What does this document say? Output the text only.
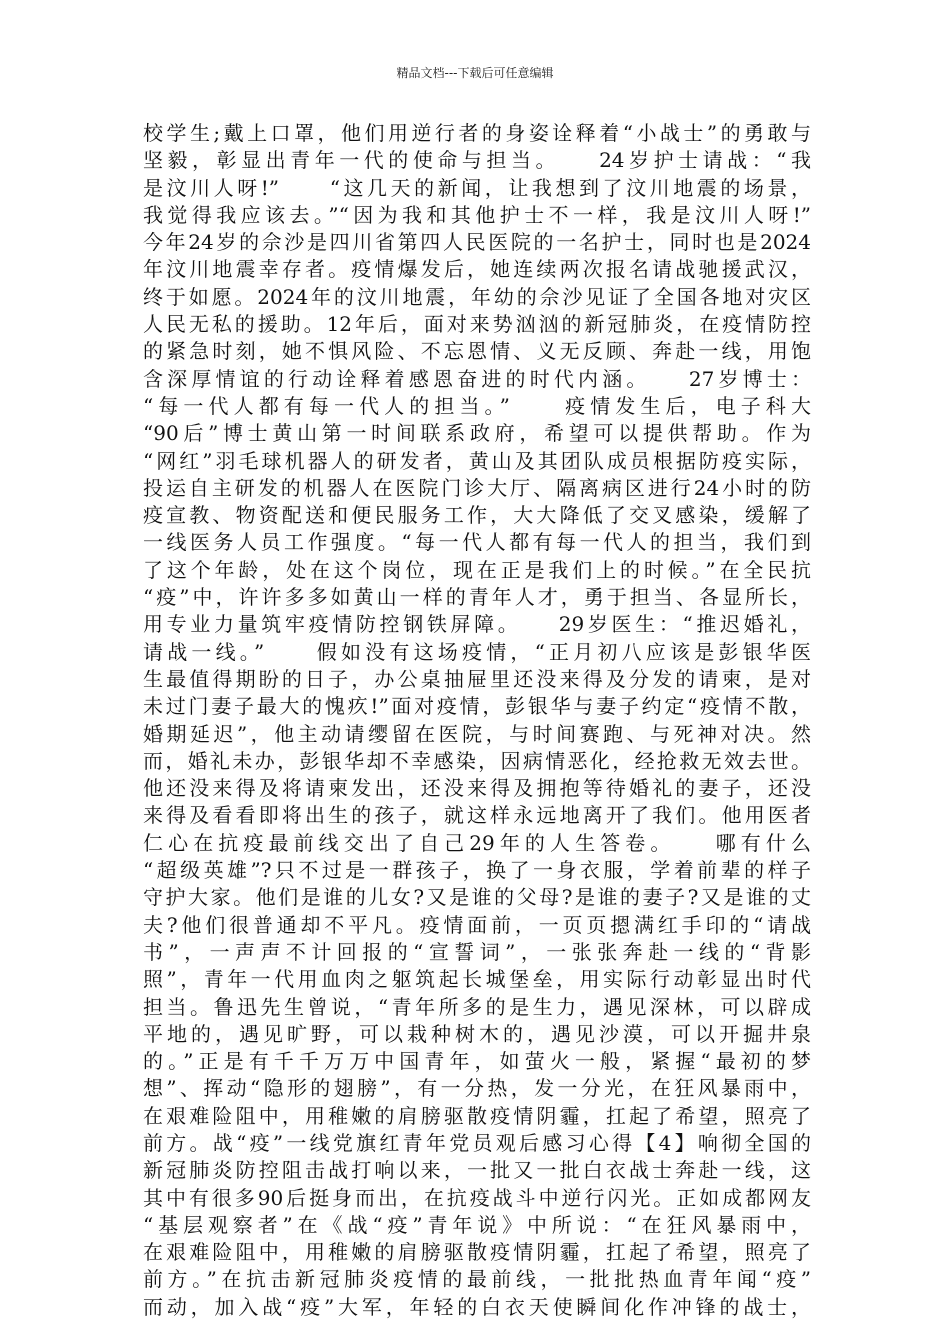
精品文档---下载后可任意编辑
校学生;戴上口罩，他们用逆行者的身姿诠释着“小战士”的勇敢与
坚毅，彰显出青年一代的使命与担当。　　24岁护士请战：“我
是汶川人呀!”　　“这几天的新闻，让我想到了汶川地震的场景，
我觉得我应该去。”“因为我和其他护士不一样，我是汶川人呀!”
今年24岁的佘沙是四川省第四人民医院的一名护士，同时也是2024
年汶川地震幸存者。疫情爆发后，她连续两次报名请战驰援武汉，
终于如愿。2024年的汶川地震，年幼的佘沙见证了全国各地对灾区
人民无私的援助。12年后，面对来势汹汹的新冠肺炎，在疫情防控
的紧急时刻，她不惧风险、不忘恩情、义无反顾、奔赴一线，用饱
含深厚情谊的行动诠释着感恩奋进的时代内涵。　　27岁博士：
“每一代人都有每一代人的担当。”　　疫情发生后，电子科大
“90后”博士黄山第一时间联系政府，希望可以提供帮助。作为
“网红”羽毛球机器人的研发者，黄山及其团队成员根据防疫实际，
投运自主研发的机器人在医院门诊大厅、隔离病区进行24小时的防
疫宣教、物资配送和便民服务工作，大大降低了交叉感染，缓解了
一线医务人员工作强度。“每一代人都有每一代人的担当，我们到
了这个年龄，处在这个岗位，现在正是我们上的时候。”在全民抗
“疫”中，许许多多如黄山一样的青年人才，勇于担当、各显所长，
用专业力量筑牢疫情防控钢铁屏障。　　29岁医生：“推迟婚礼，
请战一线。”　　假如没有这场疫情，“正月初八应该是彭银华医
生最值得期盼的日子，办公桌抽屉里还没来得及分发的请柬，是对
未过门妻子最大的愧疚!”面对疫情，彭银华与妻子约定“疫情不散，
婚期延迟”，他主动请缨留在医院，与时间赛跑、与死神对决。然
而，婚礼未办，彭银华却不幸感染，因病情恶化，经抢救无效去世。
他还没来得及将请柬发出，还没来得及拥抱等待婚礼的妻子，还没
来得及看看即将出生的孩子，就这样永远地离开了我们。他用医者
仁心在抗疫最前线交出了自己29年的人生答卷。　　哪有什么
“超级英雄”?只不过是一群孩子，换了一身衣服，学着前辈的样子
守护大家。他们是谁的儿女?又是谁的父母?是谁的妻子?又是谁的丈
夫?他们很普通却不平凡。疫情面前，一页页摁满红手印的“请战
书”，一声声不计回报的“宣誓词”，一张张奔赴一线的“背影
照”，青年一代用血肉之躯筑起长城堡垒，用实际行动彰显出时代
担当。鲁迅先生曾说，“青年所多的是生力，遇见深林，可以辟成
平地的，遇见旷野，可以栽种树木的，遇见沙漠，可以开掘井泉
的。”正是有千千万万中国青年，如萤火一般，紧握“最初的梦
想”、挥动“隐形的翅膀”，有一分热，发一分光，在狂风暴雨中，
在艰难险阻中，用稚嫩的肩膀驱散疫情阴霾，扛起了希望，照亮了
前方。战“疫”一线党旗红青年党员观后感习心得【4】响彻全国的
新冠肺炎防控阻击战打响以来，一批又一批白衣战士奔赴一线，这
其中有很多90后挺身而出，在抗疫战斗中逆行闪光。正如成都网友
“基层观察者”在《战“疫”青年说》中所说：“在狂风暴雨中，
在艰难险阻中，用稚嫩的肩膀驱散疫情阴霾，扛起了希望，照亮了
前方。”在抗击新冠肺炎疫情的最前线，一批批热血青年闻“疫”
而动，加入战“疫”大军，年轻的白衣天使瞬间化作冲锋的战士，
